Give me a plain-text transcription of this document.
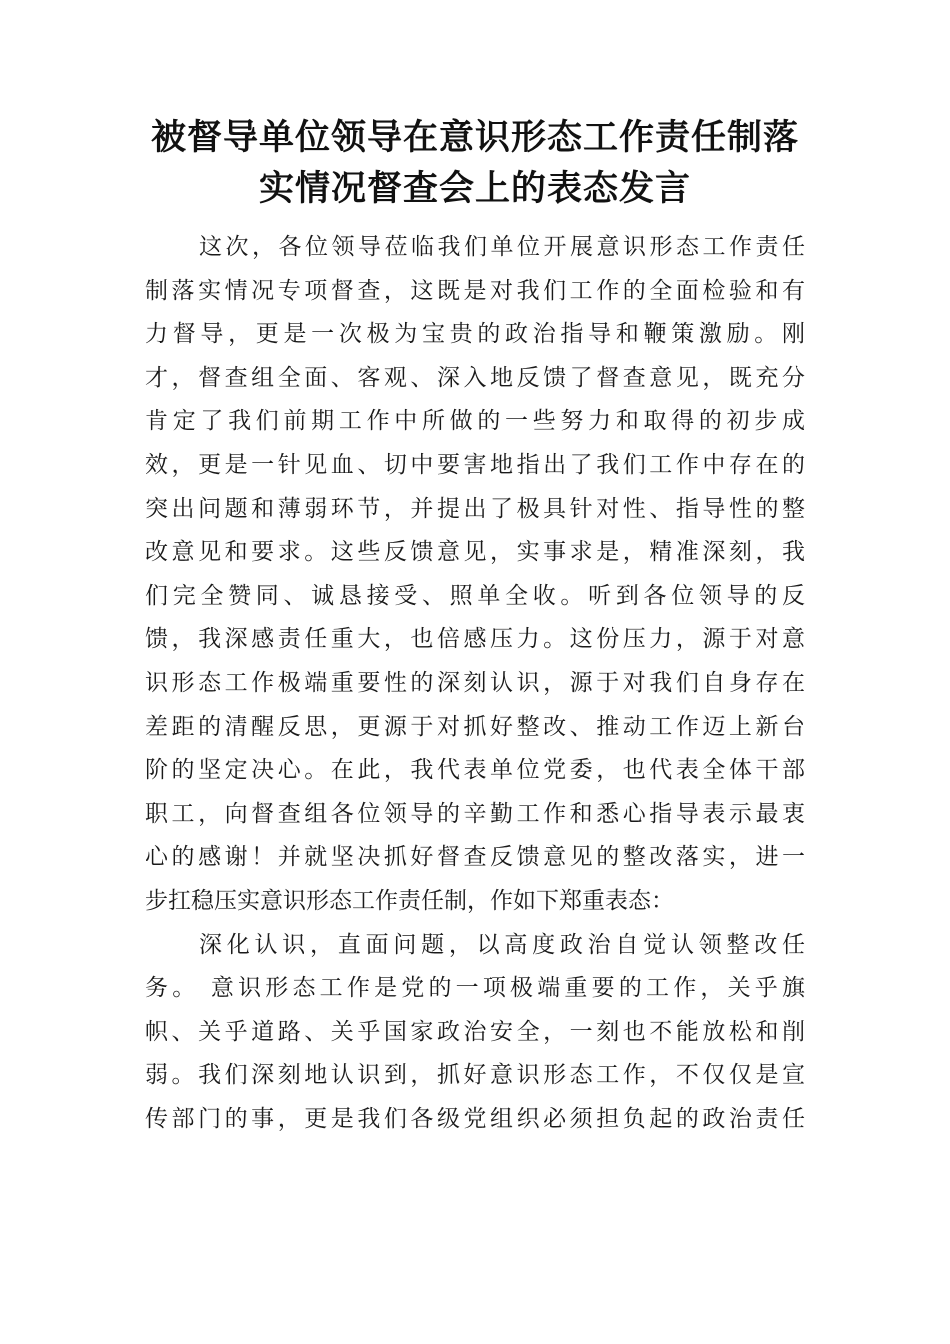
被督导单位领导在意识形态工作责任制落
实情况督查会上的表态发言
这次，各位领导莅临我们单位开展意识形态工作责任
制落实情况专项督查，这既是对我们工作的全面检验和有
力督导，更是一次极为宝贵的政治指导和鞭策激励。刚
才，督查组全面、客观、深入地反馈了督查意见，既充分
肯定了我们前期工作中所做的一些努力和取得的初步成
效，更是一针见血、切中要害地指出了我们工作中存在的
突出问题和薄弱环节，并提出了极具针对性、指导性的整
改意见和要求。这些反馈意见，实事求是，精准深刻，我
们完全赞同、诚恳接受、照单全收。听到各位领导的反
馈，我深感责任重大，也倍感压力。这份压力，源于对意
识形态工作极端重要性的深刻认识，源于对我们自身存在
差距的清醒反思，更源于对抓好整改、推动工作迈上新台
阶的坚定决心。在此，我代表单位党委，也代表全体干部
职工，向督查组各位领导的辛勤工作和悉心指导表示最衷
心的感谢！并就坚决抓好督查反馈意见的整改落实，进一
步扛稳压实意识形态工作责任制，作如下郑重表态：
深化认识，直面问题，以高度政治自觉认领整改任
务。 意识形态工作是党的一项极端重要的工作，关乎旗
帜、关乎道路、关乎国家政治安全，一刻也不能放松和削
弱。我们深刻地认识到，抓好意识形态工作，不仅仅是宣
传部门的事，更是我们各级党组织必须担负起的政治责任
